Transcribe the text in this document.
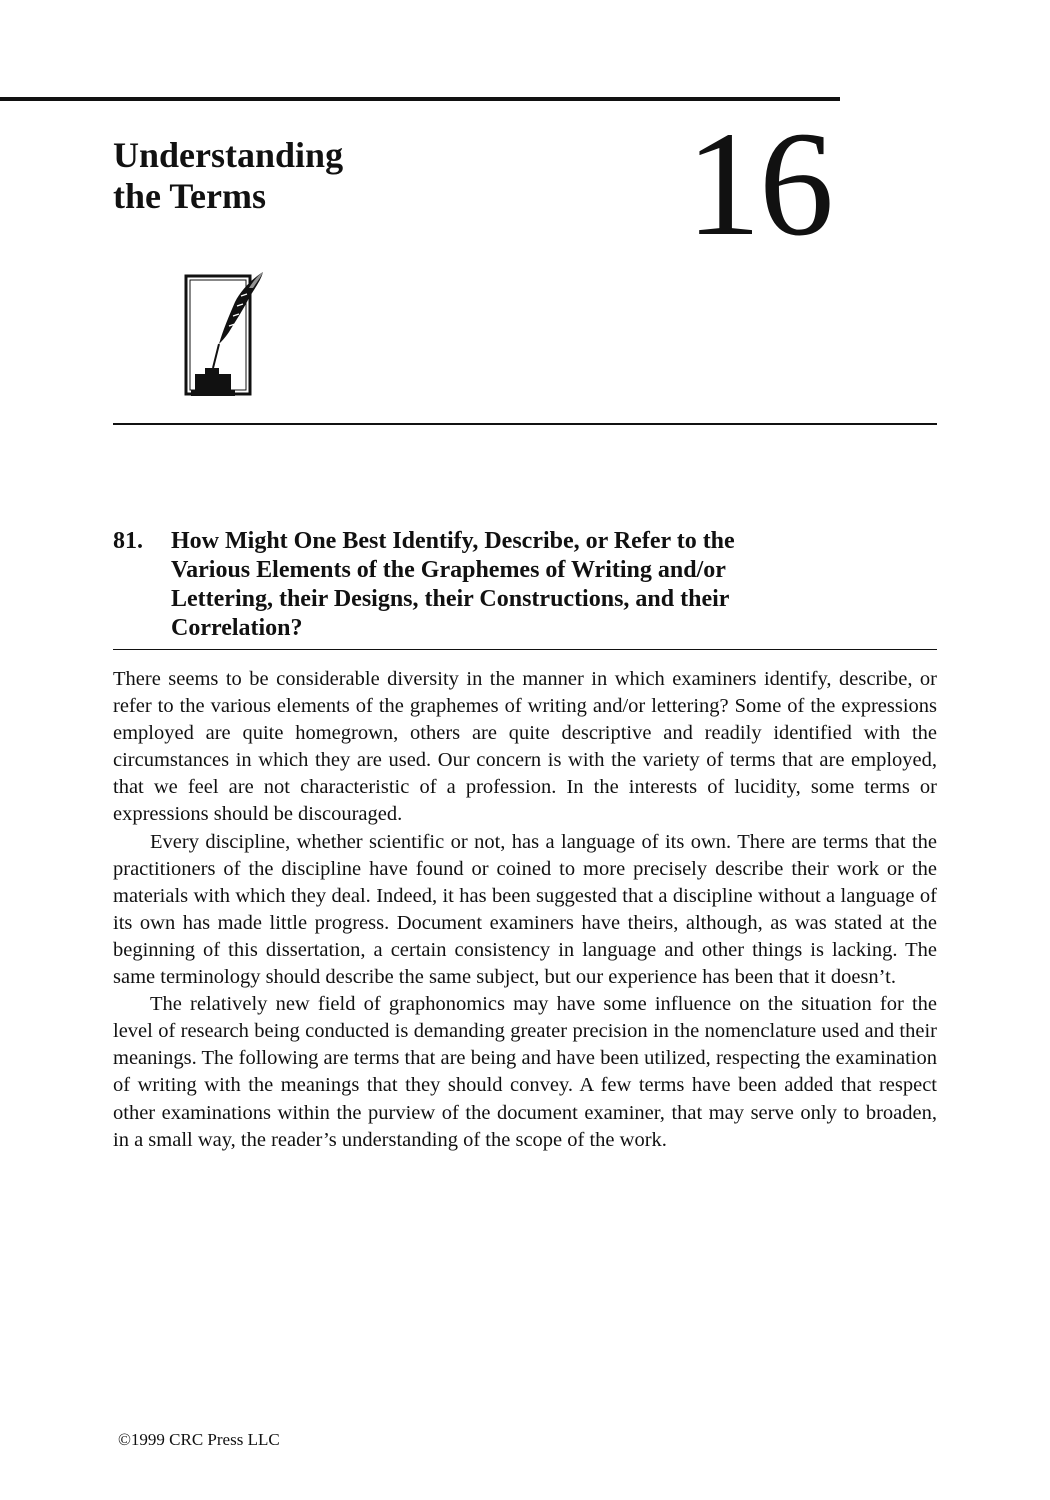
Understanding
the Terms	16
81. How Might One Best Identify, Describe, or Refer to the Various Elements of the Graphemes of Writing and/or Lettering, their Designs, their Constructions, and their Correlation?

There seems to be considerable diversity in the manner in which examiners identify, describe, or refer to the various elements of the graphemes of writing and/or lettering? Some of the expressions employed are quite homegrown, others are quite descriptive and readily identified with the circumstances in which they are used. Our concern is with the variety of terms that are employed, that we feel are not characteristic of a profession. In the interests of lucidity, some terms or expressions should be discouraged.

Every discipline, whether scientific or not, has a language of its own. There are terms that the practitioners of the discipline have found or coined to more precisely describe their work or the materials with which they deal. Indeed, it has been suggested that a discipline without a language of its own has made little progress. Document examiners have theirs, although, as was stated at the beginning of this dissertation, a certain consistency in language and other things is lacking. The same terminology should describe the same subject, but our experience has been that it doesn’t.

The relatively new field of graphonomics may have some influence on the situation for the level of research being conducted is demanding greater precision in the nomenclature used and their meanings. The following are terms that are being and have been utilized, respecting the examination of writing with the meanings that they should convey. A few terms have been added that respect other examinations within the purview of the document examiner, that may serve only to broaden, in a small way, the reader’s understanding of the scope of the work.

©1999 CRC Press LLC
